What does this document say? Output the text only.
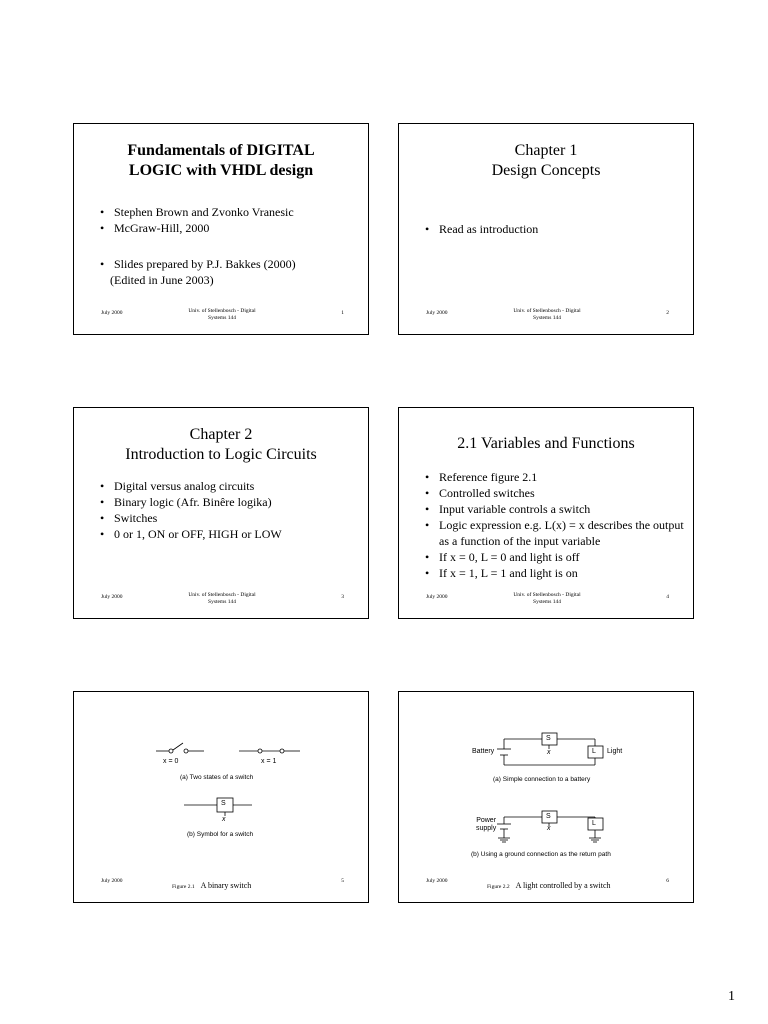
Fundamentals of DIGITAL
LOGIC with VHDL design
• Stephen Brown and Zvonko Vranesic
• McGraw-Hill, 2000
• Slides prepared by P.J. Bakkes (2000)
(Edited in June 2003)
July 2000	Univ. of Stellenbosch - Digital
Systems 144
1
Chapter 1
Design Concepts
• Read as introduction
July 2000	Univ. of Stellenbosch - Digital
Systems 144
2
Chapter 2
Introduction to Logic Circuits
• Digital versus analog circuits
• Binary logic (Afr. Binêre logika)
• Switches
• 0 or 1, ON or OFF, HIGH or LOW
July 2000	Univ. of Stellenbosch - Digital
Systems 144
3
2.1 Variables and Functions
• Reference figure 2.1
• Controlled switches
• Input variable controls a switch
• Logic expression e.g. L(x) = x describes the output as a function of the input variable
• If x = 0, L = 0 and light is off
• If x = 1, L = 1 and light is on
July 2000	Univ. of Stellenbosch - Digital
Systems 144
4
x = 0	x = 1
(a) Two states of a switch
S
x
(b) Symbol for a switch
July 2000	5
Figure 2.1 A binary switch
S
x
Battery	L Light
(a) Simple connection to a battery
S
x
L
Power
supply
(b) Using a ground connection as the return path
July 2000	6
Figure 2.2 A light controlled by a switch
1
